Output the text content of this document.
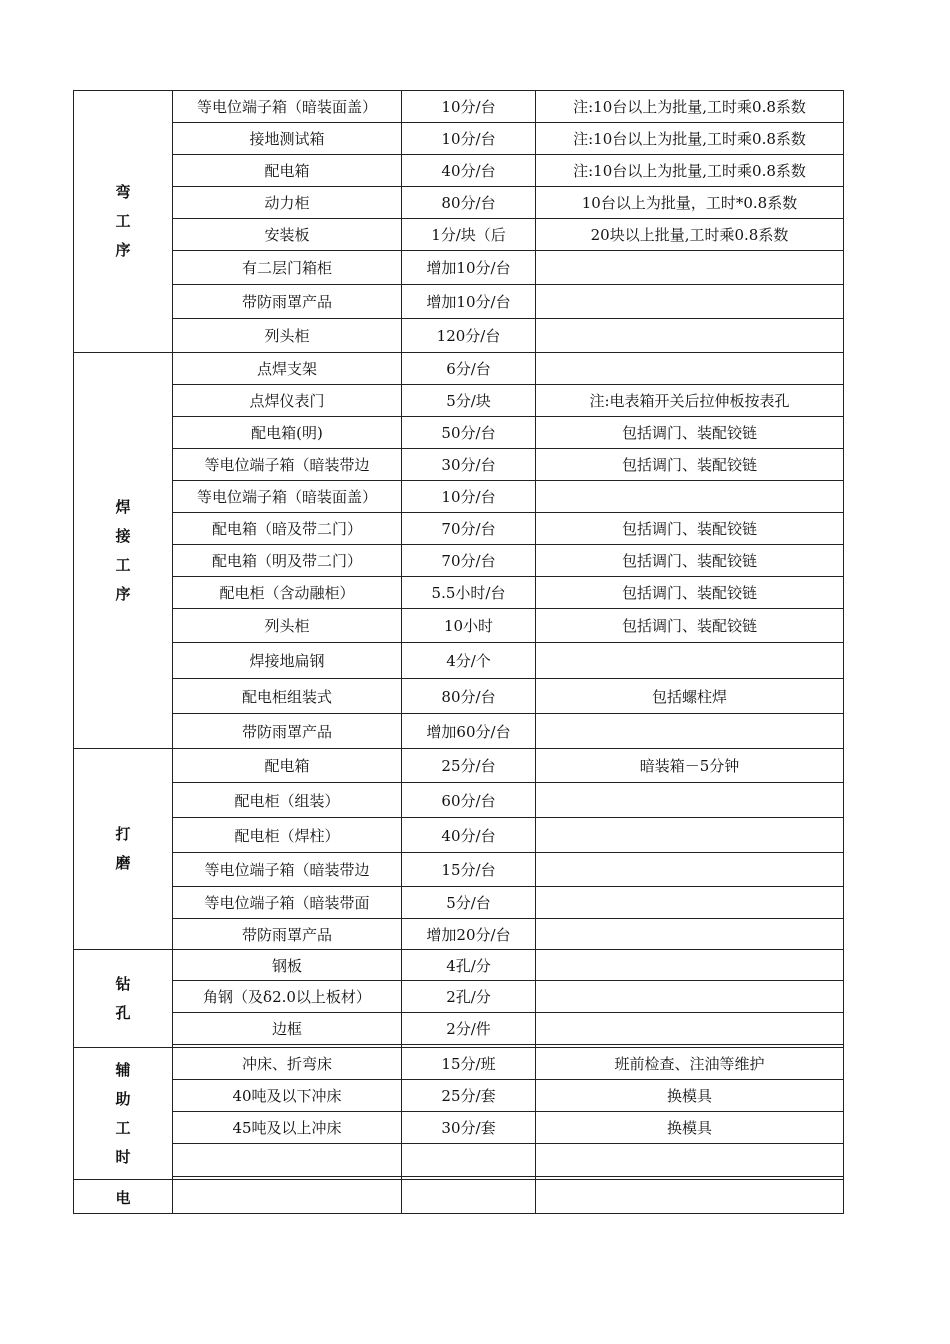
弯
工
序	等电位端子箱（暗装面盖）	10分/台	注:10台以上为批量,工时乘0.8系数
	接地测试箱	10分/台	注:10台以上为批量,工时乘0.8系数
	配电箱	40分/台	注:10台以上为批量,工时乘0.8系数
	动力柜	80分/台	10台以上为批量，工时*0.8系数
	安装板	1分/块（后	20块以上批量,工时乘0.8系数
	有二层门箱柜	增加10分/台	
	带防雨罩产品	增加10分/台	
	列头柜	120分/台	

焊
接
工
序	点焊支架	6分/台	
	点焊仪表门	5分/块	注:电表箱开关后拉伸板按表孔
	配电箱(明)	50分/台	包括调门、装配铰链
	等电位端子箱（暗装带边	30分/台	包括调门、装配铰链
	等电位端子箱（暗装面盖）	10分/台	
	配电箱（暗及带二门）	70分/台	包括调门、装配铰链
	配电箱（明及带二门）	70分/台	包括调门、装配铰链
	配电柜（含动融柜）	5.5小时/台	包括调门、装配铰链
	列头柜	10小时	包括调门、装配铰链
	焊接地扁钢	4分/个	
	配电柜组装式	80分/台	包括螺柱焊
	带防雨罩产品	增加60分/台	

打
磨	配电箱	25分/台	暗装箱－5分钟
	配电柜（组装）	60分/台	
	配电柜（焊柱）	40分/台	
	等电位端子箱（暗装带边	15分/台	
	等电位端子箱（暗装带面	5分/台	
	带防雨罩产品	增加20分/台	

钻
孔	钢板	4孔/分	
	角钢（及δ2.0以上板材）	2孔/分	
	边框	2分/件	

辅
助
工
时	冲床、折弯床	15分/班	班前检查、注油等维护
	40吨及以下冲床	25分/套	换模具
	45吨及以上冲床	30分/套	换模具

电			
